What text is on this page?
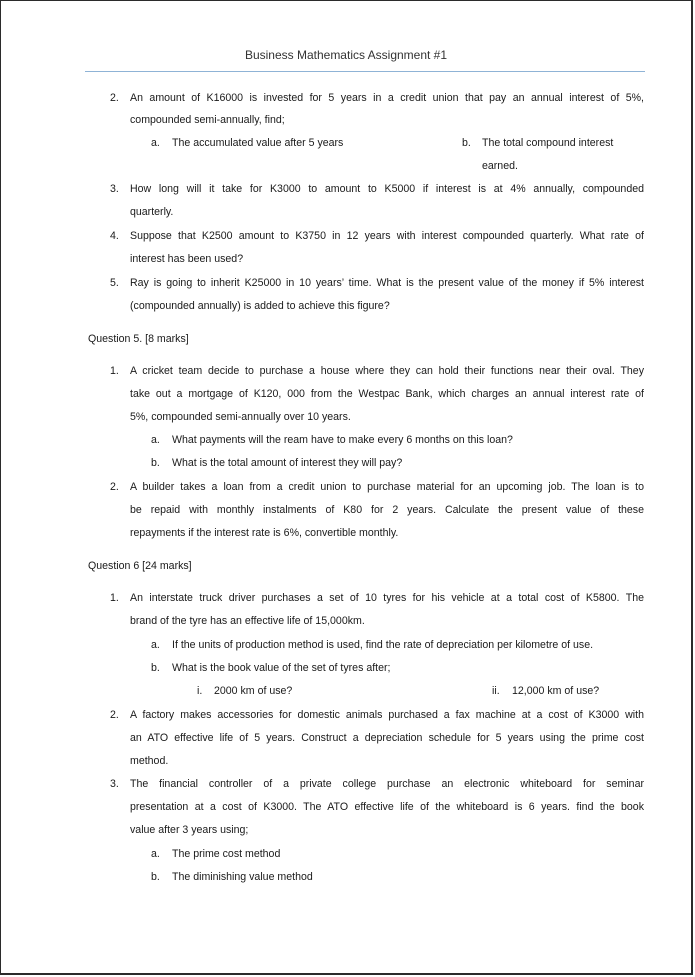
Business Mathematics Assignment #1
2. An amount of K16000 is invested for 5 years in a credit union that pay an annual interest of 5%,
compounded semi-annually, find;
a. The accumulated value after 5 years	b. The total compound interest
earned.
3. How long will it take for K3000 to amount to K5000 if interest is at 4% annually, compounded
quarterly.
4. Suppose that K2500 amount to K3750 in 12 years with interest compounded quarterly. What rate of
interest has been used?
5. Ray is going to inherit K25000 in 10 years’ time. What is the present value of the money if 5% interest
(compounded annually) is added to achieve this figure?
Question 5. [8 marks]
1. A cricket team decide to purchase a house where they can hold their functions near their oval. They
take out a mortgage of K120, 000 from the Westpac Bank, which charges an annual interest rate of
5%, compounded semi-annually over 10 years.
a. What payments will the ream have to make every 6 months on this loan?
b. What is the total amount of interest they will pay?
2. A builder takes a loan from a credit union to purchase material for an upcoming job. The loan is to
be repaid with monthly instalments of K80 for 2 years. Calculate the present value of these
repayments if the interest rate is 6%, convertible monthly.
Question 6 [24 marks]
1. An interstate truck driver purchases a set of 10 tyres for his vehicle at a total cost of K5800. The
brand of the tyre has an effective life of 15,000km.
a. If the units of production method is used, find the rate of depreciation per kilometre of use.
b. What is the book value of the set of tyres after;
i. 2000 km of use?	ii. 12,000 km of use?
2. A factory makes accessories for domestic animals purchased a fax machine at a cost of K3000 with
an ATO effective life of 5 years. Construct a depreciation schedule for 5 years using the prime cost
method.
3. The financial controller of a private college purchase an electronic whiteboard for seminar
presentation at a cost of K3000. The ATO effective life of the whiteboard is 6 years. find the book
value after 3 years using;
a. The prime cost method
b. The diminishing value method
